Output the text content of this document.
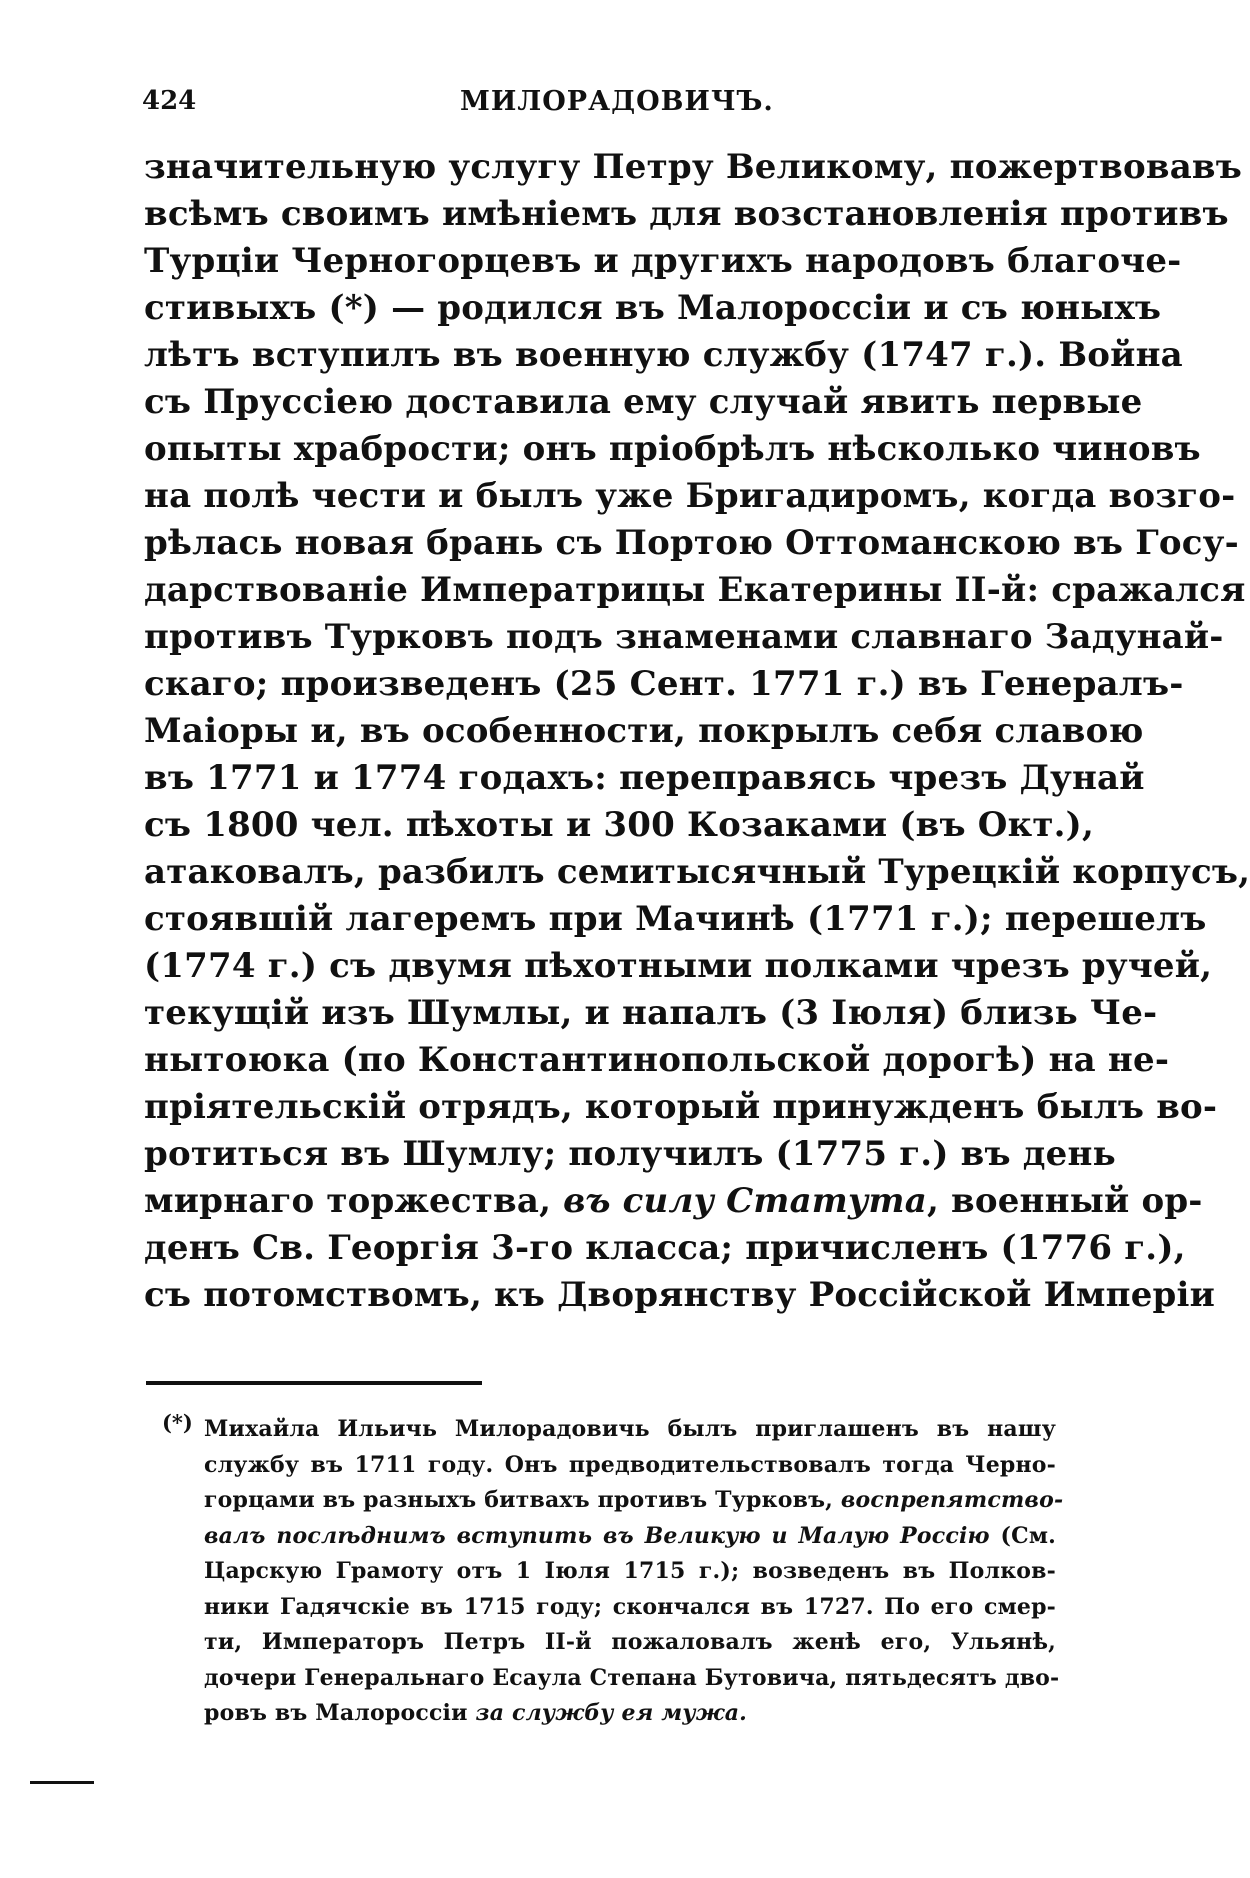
424	МИЛОРАДОВИЧЪ.
значительную услугу Петру Великому, пожертвовавъ
всѣмъ своимъ имѣніемъ для возстановленія противъ
Турціи Черногорцевъ и другихъ народовъ благоче-
стивыхъ (*) — родился въ Малороссіи и съ юныхъ
лѣтъ вступилъ въ военную службу (1747 г.). Война
съ Пруссіею доставила ему случай явить первые
опыты храбрости; онъ пріобрѣлъ нѣсколько чиновъ
на полѣ чести и былъ уже Бригадиромъ, когда возго-
рѣлась новая брань съ Портою Оттоманскою въ Госу-
дарствованіе Императрицы Екатерины II-й: сражался
противъ Турковъ подъ знаменами славнаго Задунай-
скаго; произведенъ (25 Сент. 1771 г.) въ Генералъ-
Маіоры и, въ особенности, покрылъ себя славою
въ 1771 и 1774 годахъ: переправясь чрезъ Дунай
съ 1800 чел. пѣхоты и 300 Козаками (въ Окт.),
атаковалъ, разбилъ семитысячный Турецкій корпусъ,
стоявшій лагеремъ при Мачинѣ (1771 г.); перешелъ
(1774 г.) съ двумя пѣхотными полками чрезъ ручей,
текущій изъ Шумлы, и напалъ (3 Іюля) близь Че-
нытоюка (по Константинопольской дорогѣ) на не-
пріятельскій отрядъ, который принужденъ былъ во-
ротиться въ Шумлу; получилъ (1775 г.) въ день
мирнаго торжества, въ силу Статута, военный ор-
денъ Св. Георгія 3-го класса; причисленъ (1776 г.),
съ потомствомъ, къ Дворянству Россійской Имперіи
(*) Михайла Ильичь Милорадовичь былъ приглашенъ въ нашу
службу въ 1711 году. Онъ предводительствовалъ тогда Черно-
горцами въ разныхъ битвахъ противъ Турковъ, воспрепятство-
валъ послѣднимъ вступить въ Великую и Малую Россію (См.
Царскую Грамоту отъ 1 Іюля 1715 г.); возведенъ въ Полков-
ники Гадячскіе въ 1715 году; скончался въ 1727. По его смер-
ти, Императоръ Петръ II-й пожаловалъ женѣ его, Ульянѣ,
дочери Генеральнаго Есаула Степана Бутовича, пятьдесятъ дво-
ровъ въ Малороссіи за службу ея мужа.
